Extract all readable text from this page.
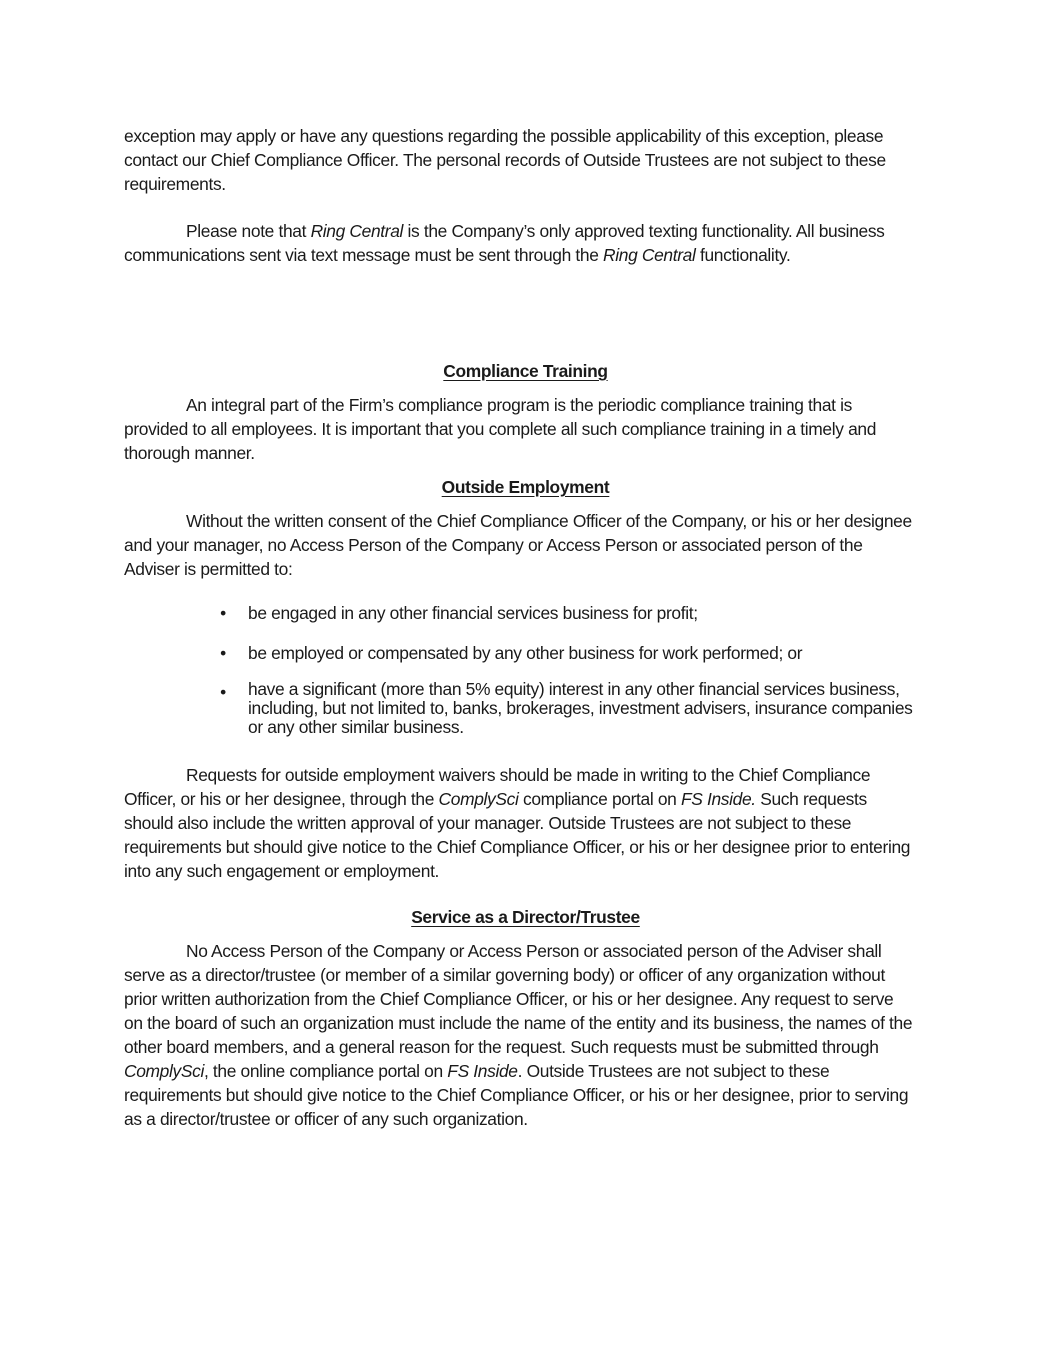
exception may apply or have any questions regarding the possible applicability of this exception, please
contact our Chief Compliance Officer. The personal records of Outside Trustees are not subject to these
requirements.
Please note that Ring Central is the Company’s only approved texting functionality. All business
communications sent via text message must be sent through the Ring Central functionality.
Compliance Training
An integral part of the Firm’s compliance program is the periodic compliance training that is
provided to all employees. It is important that you complete all such compliance training in a timely and
thorough manner.
Outside Employment
Without the written consent of the Chief Compliance Officer of the Company, or his or her designee
and your manager, no Access Person of the Company or Access Person or associated person of the
Adviser is permitted to:
• be engaged in any other financial services business for profit;
• be employed or compensated by any other business for work performed; or
• have a significant (more than 5% equity) interest in any other financial services business,
including, but not limited to, banks, brokerages, investment advisers, insurance companies
or any other similar business.
Requests for outside employment waivers should be made in writing to the Chief Compliance
Officer, or his or her designee, through the ComplySci compliance portal on FS Inside. Such requests
should also include the written approval of your manager. Outside Trustees are not subject to these
requirements but should give notice to the Chief Compliance Officer, or his or her designee prior to entering
into any such engagement or employment.
Service as a Director/Trustee
No Access Person of the Company or Access Person or associated person of the Adviser shall
serve as a director/trustee (or member of a similar governing body) or officer of any organization without
prior written authorization from the Chief Compliance Officer, or his or her designee. Any request to serve
on the board of such an organization must include the name of the entity and its business, the names of the
other board members, and a general reason for the request. Such requests must be submitted through
ComplySci, the online compliance portal on FS Inside. Outside Trustees are not subject to these
requirements but should give notice to the Chief Compliance Officer, or his or her designee, prior to serving
as a director/trustee or officer of any such organization.
